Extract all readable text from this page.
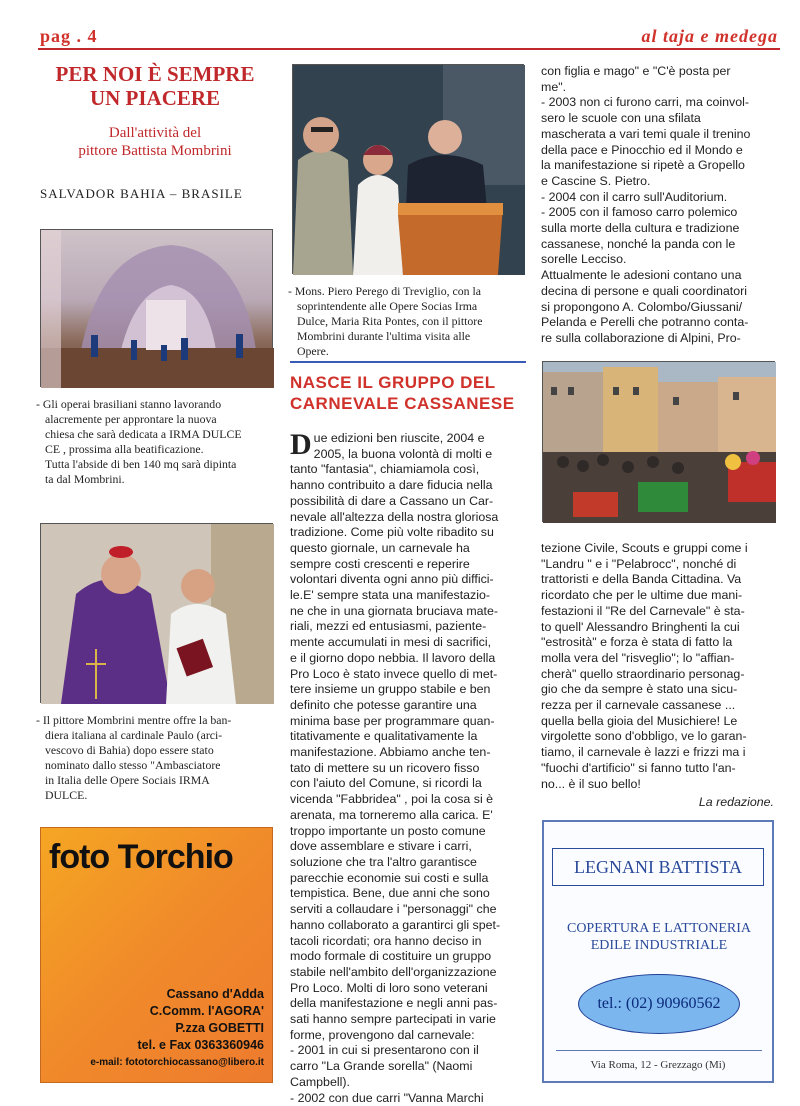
pag . 4	al taja e medega
PER NOI È SEMPRE
UN PIACERE
Dall'attività del
pittore Battista Mombrini
SALVADOR BAHIA – BRASILE
- Gli operai brasiliani stanno lavorando
alacremente per approntare la nuova
chiesa che sarà dedicata a IRMA DULCE
CE , prossima alla beatificazione.
Tutta l'abside di ben 140 mq sarà dipinta
ta dal Mombrini.
- Il pittore Mombrini mentre offre la ban-
diera italiana al cardinale Paulo (arci-
vescovo di Bahia) dopo essere stato
nominato dallo stesso "Ambasciatore
in Italia delle Opere Sociais IRMA
DULCE.
foto Torchio
Cassano d'Adda
C.Comm. l'AGORA'
P.zza GOBETTI
tel. e Fax 0363360946
e-mail: fototorchiocassano@libero.it
- Mons. Piero Perego di Treviglio, con la
soprintendente alle Opere Socias Irma
Dulce, Maria Rita Pontes, con il pittore
Mombrini durante l'ultima visita alle
Opere.
NASCE IL GRUPPO DEL
CARNEVALE CASSANESE
D ue edizioni ben riuscite, 2004 e
2005, la buona volontà di molti e
tanto "fantasia", chiamiamola così,
hanno contribuito a dare fiducia nella
possibilità di dare a Cassano un Car-
nevale all'altezza della nostra gloriosa
tradizione. Come più volte ribadito su
questo giornale, un carnevale ha
sempre costi crescenti e reperire
volontari diventa ogni anno più diffici-
le.E' sempre stata una manifestazio-
ne che in una giornata bruciava mate-
riali, mezzi ed entusiasmi, paziente-
mente accumulati in mesi di sacrifici,
e il giorno dopo nebbia. Il lavoro della
Pro Loco è stato invece quello di met-
tere insieme un gruppo stabile e ben
definito che potesse garantire una
minima base per programmare quan-
titativamente e qualitativamente la
manifestazione. Abbiamo anche ten-
tato di mettere su un ricovero fisso
con l'aiuto del Comune, si ricordi la
vicenda "Fabbridea" , poi la cosa si è
arenata, ma torneremo alla carica. E'
troppo importante un posto comune
dove assemblare e stivare i carri,
soluzione che tra l'altro garantisce
parecchie economie sui costi e sulla
tempistica. Bene, due anni che sono
serviti a collaudare i "personaggi" che
hanno collaborato a garantirci gli spet-
tacoli ricordati; ora hanno deciso in
modo formale di costituire un gruppo
stabile nell'ambito dell'organizzazione
Pro Loco. Molti di loro sono veterani
della manifestazione e negli anni pas-
sati hanno sempre partecipati in varie
forme, provengono dal carnevale:
- 2001 in cui si presentarono con il
carro "La Grande sorella" (Naomi
Campbell).
- 2002 con due carri "Vanna Marchi
con figlia e mago" e "C'è posta per
me".
- 2003 non ci furono carri, ma coinvol-
sero le scuole con una sfilata
mascherata a vari temi quale il trenino
della pace e Pinocchio ed il Mondo e
la manifestazione si ripetè a Gropello
e Cascine S. Pietro.
- 2004 con il carro sull'Auditorium.
- 2005 con il famoso carro polemico
sulla morte della cultura e tradizione
cassanese, nonché la panda con le
sorelle Lecciso.
Attualmente le adesioni contano una
decina di persone e quali coordinatori
si propongono A. Colombo/Giussani/
Pelanda e Perelli che potranno conta-
re sulla collaborazione di Alpini, Pro-
tezione Civile, Scouts e gruppi come i
"Landru " e i "Pelabrocc", nonché di
trattoristi e della Banda Cittadina. Va
ricordato che per le ultime due mani-
festazioni il "Re del Carnevale" è sta-
to quell' Alessandro Bringhenti la cui
"estrosità" e forza è stata di fatto la
molla vera del "risveglio"; lo "affian-
cherà" quello straordinario personag-
gio che da sempre è stato una sicu-
rezza per il carnevale cassanese ...
quella bella gioia del Musichiere! Le
virgolette sono d'obbligo, ve lo garan-
tiamo, il carnevale è lazzi e frizzi ma i
"fuochi d'artificio" si fanno tutto l'an-
no... è il suo bello!
La redazione.
LEGNANI BATTISTA
COPERTURA E LATTONERIA
EDILE INDUSTRIALE
tel.: (02) 90960562
Via Roma, 12 - Grezzago (Mi)
